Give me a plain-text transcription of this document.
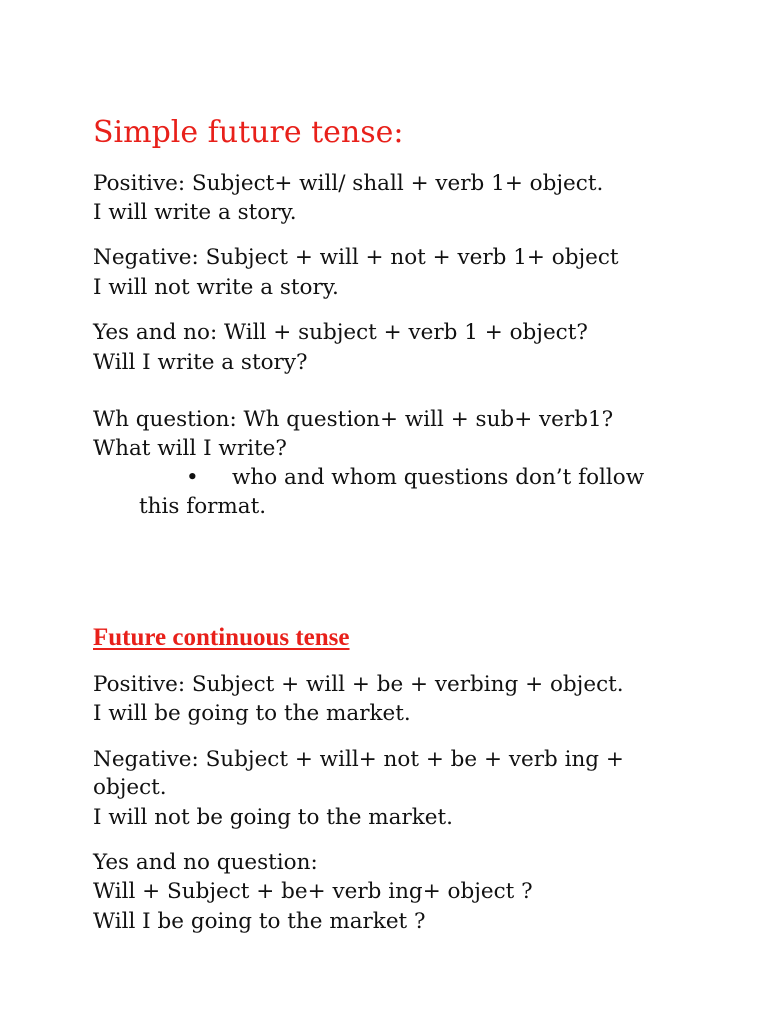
Simple future tense:
Positive: Subject+ will/ shall + verb 1+ object.
I will write a story.
Negative: Subject + will + not + verb 1+ object
I will not write a story.
Yes and no: Will + subject + verb 1 + object?
Will I write a story?
Wh question: Wh question+ will + sub+ verb1?
What will I write?
• who and whom questions don’t follow
this format.
Future continuous tense
Positive: Subject + will + be + verbing + object.
I will be going to the market.
Negative: Subject + will+ not + be + verb ing +
object.
I will not be going to the market.
Yes and no question:
Will + Subject + be+ verb ing+ object ?
Will I be going to the market ?
